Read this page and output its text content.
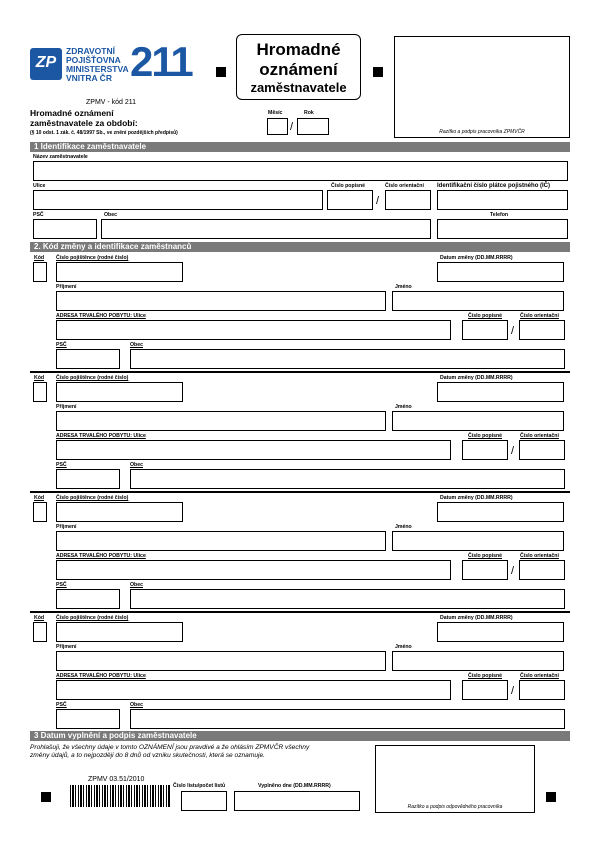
ZP
ZDRAVOTNÍ
POJIŠŤOVNA
MINISTERSTVA
VNITRA ČR 211
ZPMV - kód 211
Hromadné oznámení
zaměstnavatele za období:
(§ 10 odst. 1 zák. č. 48/1997 Sb., ve znění pozdějších předpisů)
Hromadné
oznámení
zaměstnavatele
Měsíc	Rok
/	Razítko a podpis pracovníka ZPMVČR
1 Identifikace zaměstnavatele
Název zaměstnavatele
Ulice	Číslo popisné
/
Číslo orientační Identifikační číslo plátce pojistného (IČ)
PSČ	Obec	Telefon
2. Kód změny a identifikace zaměstnanců
Kód Číslo pojištěnce (rodné číslo)	Datum změny (DD.MM.RRRR)
Příjmení	Jméno
ADRESA TRVALÉHO POBYTU: Ulice	Číslo popisné
/
Číslo orientační
PSČ	Obec
Kód Číslo pojištěnce (rodné číslo)	Datum změny (DD.MM.RRRR)
Příjmení	Jméno
ADRESA TRVALÉHO POBYTU: Ulice	Číslo popisné
/
Číslo orientační
PSČ	Obec
Kód Číslo pojištěnce (rodné číslo)	Datum změny (DD.MM.RRRR)
Příjmení	Jméno
ADRESA TRVALÉHO POBYTU: Ulice	Číslo popisné
/
Číslo orientační
PSČ	Obec
Kód Číslo pojištěnce (rodné číslo)	Datum změny (DD.MM.RRRR)
Příjmení	Jméno
ADRESA TRVALÉHO POBYTU: Ulice	Číslo popisné
/
Číslo orientační
PSČ	Obec
3 Datum vyplnění a podpis zaměstnavatele
Prohlašuji, že všechny údaje v tomto OZNÁMENÍ jsou pravdivé a že ohlásím ZPMVČR všechny změny údajů, a to nejpozději do 8 dnů od vzniku skutečnosti, která se oznamuje.
ZPMV 03.51/2010
Číslo listu/počet listů	Vyplněno dne (DD.MM.RRRR)
Razítko a podpis odpovědného pracovníka
